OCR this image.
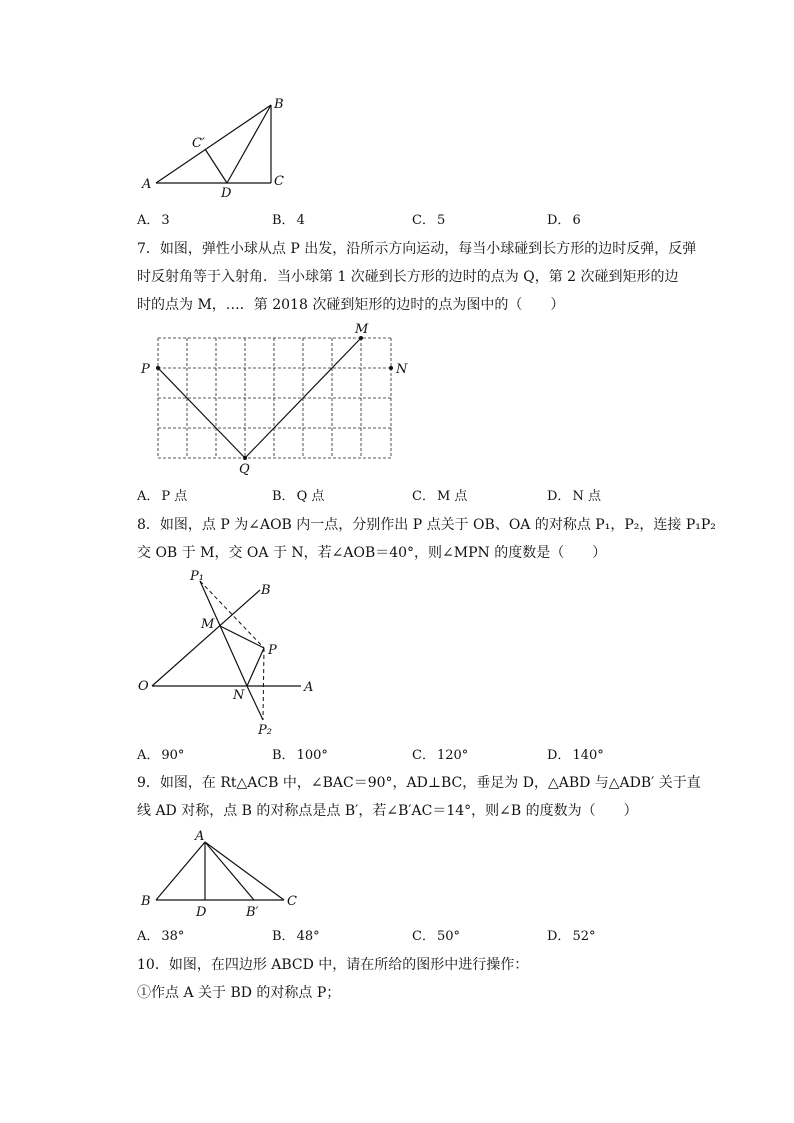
A
B
C
C′
D
A． 3	B． 4	C． 5	D． 6
7．如图，弹性小球从点 P 出发，沿所示方向运动，每当小球碰到长方形的边时反弹，反弹
时反射角等于入射角．当小球第 1 次碰到长方形的边时的点为 Q，第 2 次碰到矩形的边
时的点为 M，…．第 2018 次碰到矩形的边时的点为图中的（　　）
P	N
M
Q
A． P 点	B． Q 点	C． M 点	D． N 点
8．如图，点 P 为∠AOB 内一点，分别作出 P 点关于 OB、OA 的对称点 P₁，P₂，连接 P₁P₂
交 OB 于 M，交 OA 于 N，若∠AOB＝40°，则∠MPN 的度数是（　　）
P₁
B
M
P
O
N
A
P₂
A． 90°	B． 100°	C． 120°	D． 140°
9．如图，在 Rt△ACB 中，∠BAC＝90°，AD⊥BC，垂足为 D，△ABD 与△ADB′ 关于直
线 AD 对称，点 B 的对称点是点 B′，若∠B′AC＝14°，则∠B 的度数为（　　）
A
B
D	B′
C
A． 38°	B． 48°	C． 50°	D． 52°
10．如图，在四边形 ABCD 中，请在所给的图形中进行操作：
①作点 A 关于 BD 的对称点 P；
